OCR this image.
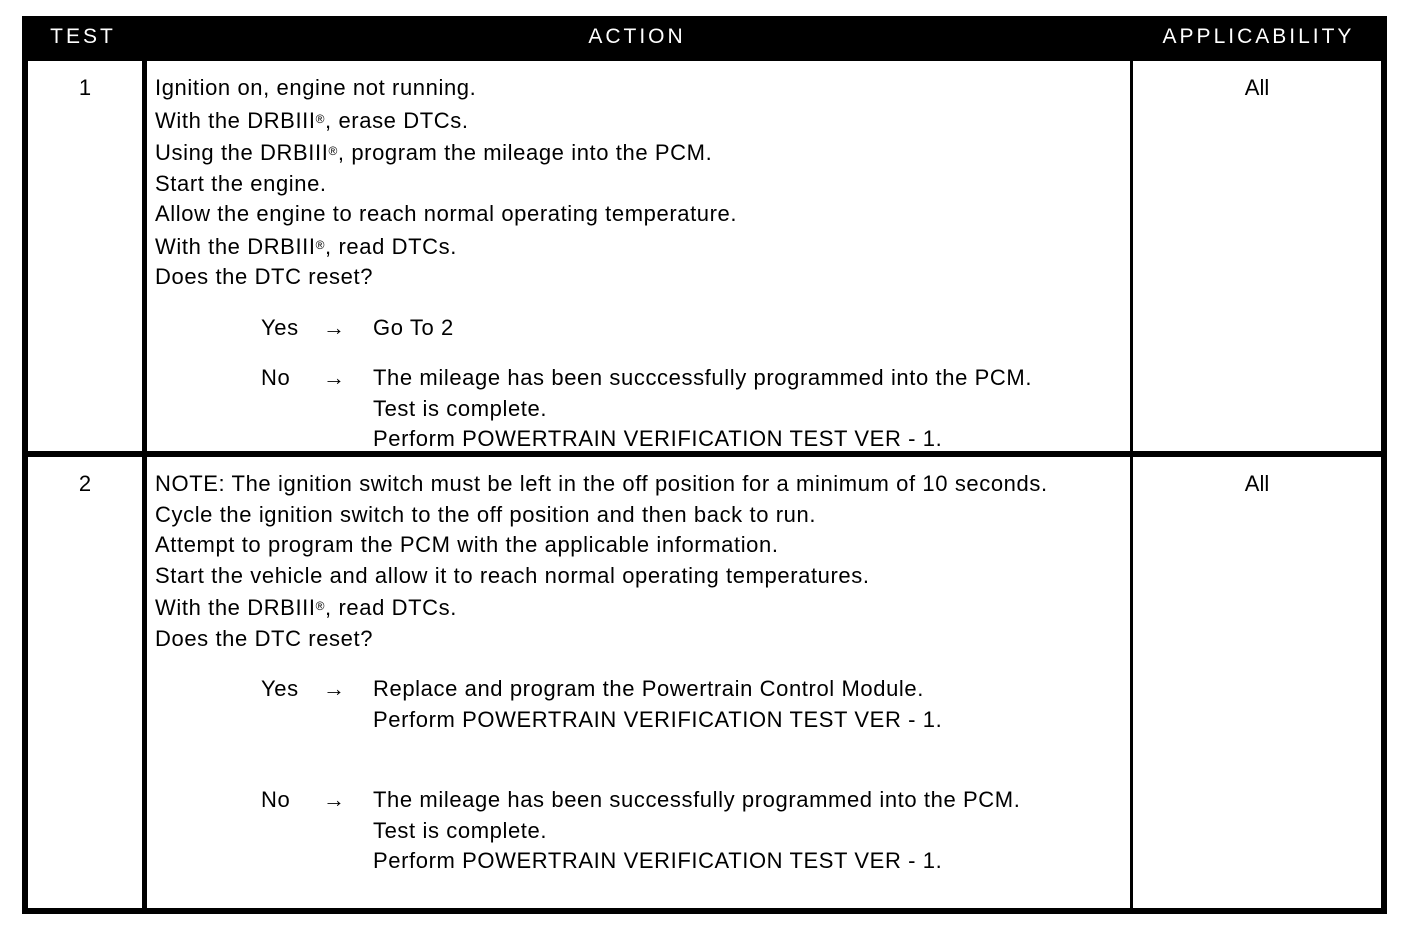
TEST	ACTION	APPLICABILITY
1	Ignition on, engine not running.
With the DRBIII®, erase DTCs.
Using the DRBIII®, program the mileage into the PCM.
Start the engine.
Allow the engine to reach normal operating temperature.
With the DRBIII®, read DTCs.
Does the DTC reset?
Yes	→	Go To 2
No	→	The mileage has been succcessfully programmed into the PCM.
Test is complete.
Perform POWERTRAIN VERIFICATION TEST VER - 1.
All
2	NOTE: The ignition switch must be left in the off position for a minimum of 10 seconds.
Cycle the ignition switch to the off position and then back to run.
Attempt to program the PCM with the applicable information.
Start the vehicle and allow it to reach normal operating temperatures.
With the DRBIII®, read DTCs.
Does the DTC reset?
Yes	→	Replace and program the Powertrain Control Module.
Perform POWERTRAIN VERIFICATION TEST VER - 1.
No	→	The mileage has been successfully programmed into the PCM.
Test is complete.
Perform POWERTRAIN VERIFICATION TEST VER - 1.
All
